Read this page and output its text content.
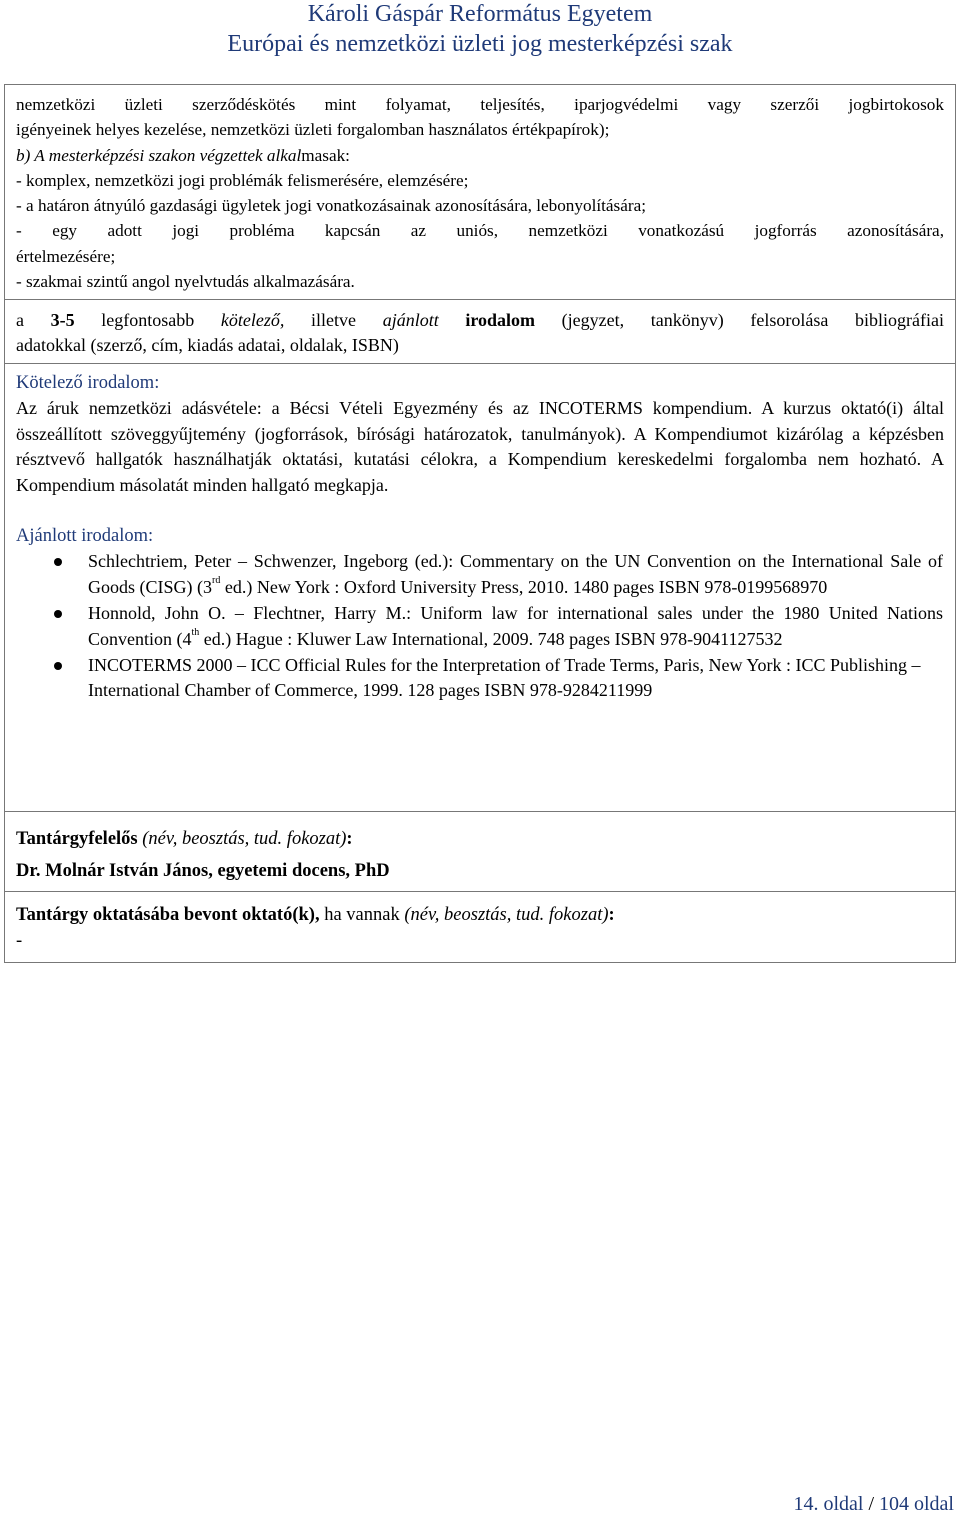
Károli Gáspár Református Egyetem
Európai és nemzetközi üzleti jog mesterképzési szak
nemzetközi üzleti szerződéskötés mint folyamat, teljesítés, iparjogvédelmi vagy szerzői jogbirtokosok
igényeinek helyes kezelése, nemzetközi üzleti forgalomban használatos értékpapírok);
b) A mesterképzési szakon végzettek alkalmasak:
- komplex, nemzetközi jogi problémák felismerésére, elemzésére;
- a határon átnyúló gazdasági ügyletek jogi vonatkozásainak azonosítására, lebonyolítására;
- egy adott jogi probléma kapcsán az uniós, nemzetközi vonatkozású jogforrás azonosítására,
értelmezésére;
- szakmai szintű angol nyelvtudás alkalmazására.
a 3-5 legfontosabb kötelező, illetve ajánlott irodalom (jegyzet, tankönyv) felsorolása bibliográfiai
adatokkal (szerző, cím, kiadás adatai, oldalak, ISBN)
Kötelező irodalom:
Az áruk nemzetközi adásvétele: a Bécsi Vételi Egyezmény és az INCOTERMS kompendium. A kurzus oktató(i) által összeállított szöveggyűjtemény (jogforrások, bírósági határozatok, tanulmányok). A Kompendiumot kizárólag a képzésben résztvevő hallgatók használhatják oktatási, kutatási célokra, a Kompendium kereskedelmi forgalomba nem hozható. A Kompendium másolatát minden hallgató megkapja.
Ajánlott irodalom:
Schlechtriem, Peter – Schwenzer, Ingeborg (ed.): Commentary on the UN Convention on the International Sale of Goods (CISG) (3rd ed.) New York : Oxford University Press, 2010. 1480 pages ISBN 978-0199568970
Honnold, John O. – Flechtner, Harry M.: Uniform law for international sales under the 1980 United Nations Convention (4th ed.) Hague : Kluwer Law International, 2009. 748 pages ISBN 978-9041127532
INCOTERMS 2000 – ICC Official Rules for the Interpretation of Trade Terms, Paris, New York : ICC Publishing – International Chamber of Commerce, 1999. 128 pages ISBN 978-9284211999
Tantárgyfelelős (név, beosztás, tud. fokozat):
Dr. Molnár István János, egyetemi docens, PhD
Tantárgy oktatásába bevont oktató(k), ha vannak (név, beosztás, tud. fokozat):
-
14. oldal / 104 oldal
